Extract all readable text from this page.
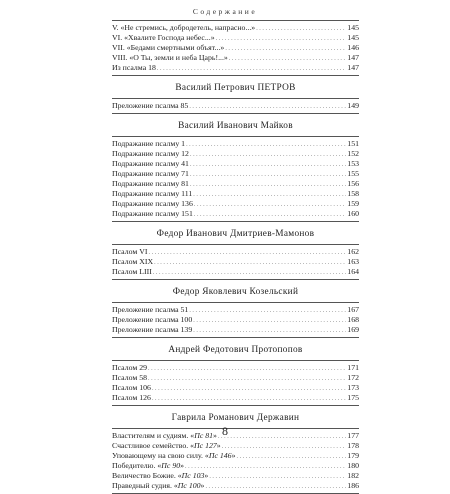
Содержание
V. «Не стремись, добродетель, напрасно...» .....	145
VI. «Хвалите Господа небес...» .....	145
VII. «Бедами смертными объят...» .....	146
VIII. «О Ты, земли и неба Царь!...» .....	147
Из псалма 18 .....	147
Василий Петрович ПЕТРОВ
Преложение псалма 85 .....	149
Василий Иванович Майков
Подражание псалму 1 .....	151
Подражание псалму 12 .....	152
Подражание псалму 41 .....	153
Подражание псалму 71 .....	155
Подражание псалму 81 .....	156
Подражание псалму 111 .....	158
Подражание псалму 136 .....	159
Подражание псалму 151 .....	160
Федор Иванович Дмитриев-Мамонов
Псалом VI .....	162
Псалом XIX .....	163
Псалом LIII .....	164
Федор Яковлевич Козельский
Преложение псалма 51 .....	167
Преложение псалма 100 .....	168
Преложение псалма 139 .....	169
Андрей Федотович Протопопов
Псалом 29 .....	171
Псалом 58 .....	172
Псалом 106 .....	173
Псалом 126 .....	175
Гаврила Романович Державин
Властителям и судиям. «Пс 81» .....	177
Счастливое семейство. «Пс 127» .....	178
Уповающему на свою силу. «Пс 146» .....	179
Победителю. «Пс 90» .....	180
Величество Божие. «Пс 103» .....	182
Праведный судия. «Пс 100» .....	186
8
